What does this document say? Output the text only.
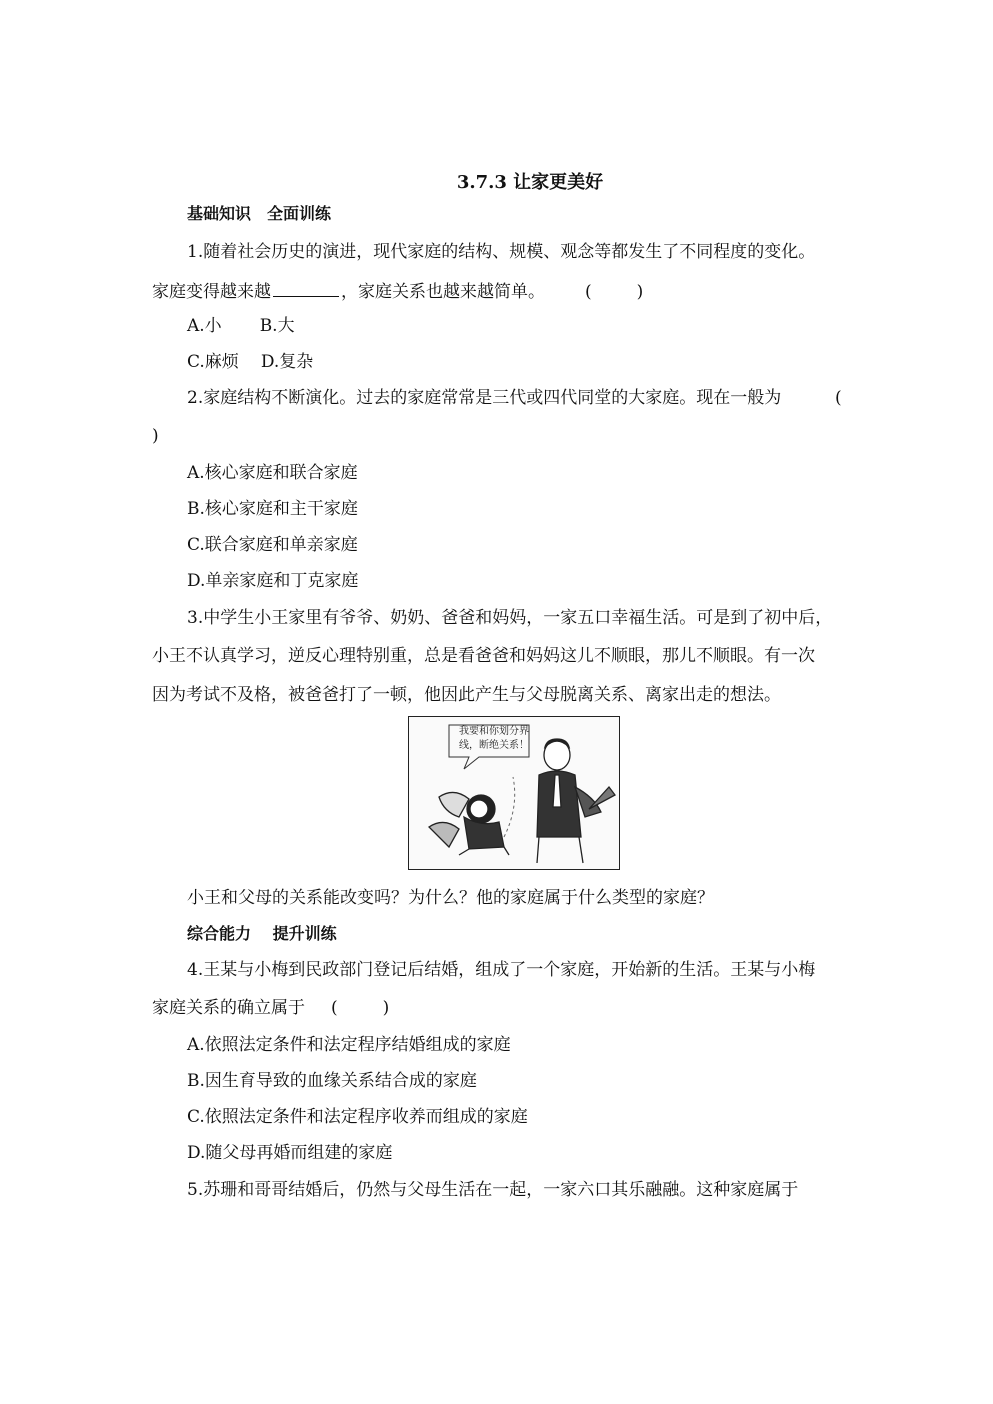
3.7.3 让家更美好
基础知识　全面训练
1.随着社会历史的演进，现代家庭的结构、规模、观念等都发生了不同程度的变化。
家庭变得越来越	，家庭关系也越来越简单。 (　)
A.小 B.大
C.麻烦 D.复杂
2.家庭结构不断演化。过去的家庭常常是三代或四代同堂的大家庭。现在一般为	(
)
A.核心家庭和联合家庭
B.核心家庭和主干家庭
C.联合家庭和单亲家庭
D.单亲家庭和丁克家庭
3.中学生小王家里有爷爷、奶奶、爸爸和妈妈，一家五口幸福生活。可是到了初中后，
小王不认真学习，逆反心理特别重，总是看爸爸和妈妈这儿不顺眼，那儿不顺眼。有一次
因为考试不及格，被爸爸打了一顿，他因此产生与父母脱离关系、离家出走的想法。
我要和你划分界
线，断绝关系！
小王和父母的关系能改变吗？为什么？他的家庭属于什么类型的家庭？
综合能力　 提升训练
4.王某与小梅到民政部门登记后结婚，组成了一个家庭，开始新的生活。王某与小梅
家庭关系的确立属于 (　)
A.依照法定条件和法定程序结婚组成的家庭
B.因生育导致的血缘关系结合成的家庭
C.依照法定条件和法定程序收养而组成的家庭
D.随父母再婚而组建的家庭
5.苏珊和哥哥结婚后，仍然与父母生活在一起，一家六口其乐融融。这种家庭属于
